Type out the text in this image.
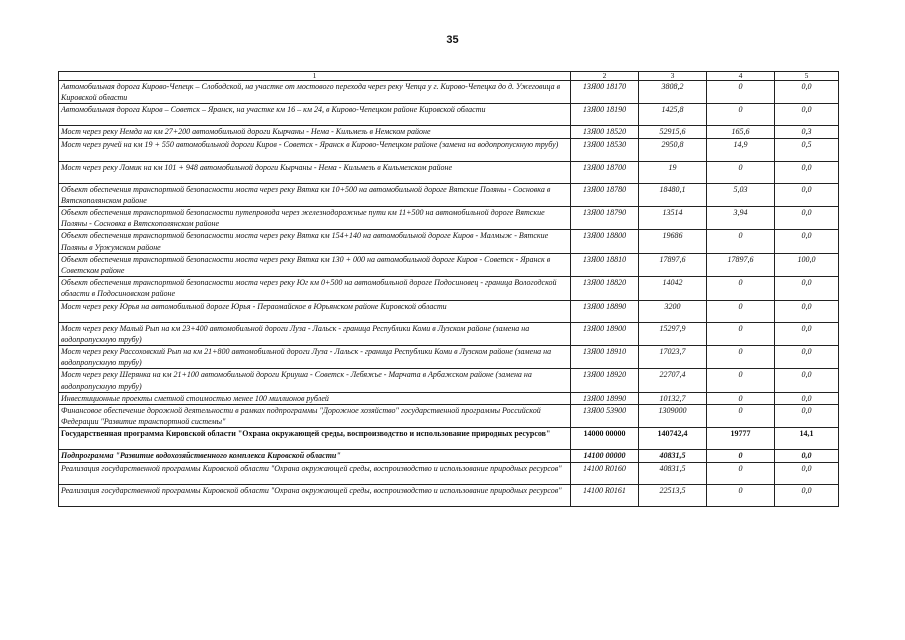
35
1	2	3	4	5
Автомобильная дорога Кирово-Чепецк – Слободской, на участке от мостового перехода через реку Чепца у г. Кирово-Чепецка до д. Ужеговица в Кировской области	13Я00 18170	3808,2	0	0,0
Автомобильная дорога Киров – Советск – Яранск, на участке км 16 – км 24, в Кирово-Чепецком районе Кировской области	13Я00 18190	1425,8	0	0,0
Мост через реку Немда на км 27+200 автомобильной дороги Кырчаны - Нема - Кильмезь в Немском районе	13Я00 18520	52915,6	165,6	0,3
Мост через ручей на км 19 + 550 автомобильной дороги Киров - Советск - Яранск в Кирово-Чепецком районе (замена на водопропускную трубу)	13Я00 18530	2950,8	14,9	0,5
Мост через реку Ломик на км 101 + 948 автомобильной дороги Кырчаны - Нема - Кильмезь в Кильмезском районе	13Я00 18700	19	0	0,0
Объект обеспечения транспортной безопасности моста через реку Вятка км 10+500 на автомобильной дороге Вятские Поляны - Сосновка в Вятскополянском районе	13Я00 18780	18480,1	5,03	0,0
Объект обеспечения транспортной безопасности путепровода через железнодорожные пути км 11+500 на автомобильной дороге Вятские Поляны - Сосновка в Вятскополянском районе	13Я00 18790	13514	3,94	0,0
Объект обеспечения транспортной безопасности моста через реку Вятка км 154+140 на автомобильной дороге Киров - Малмыж - Вятские Поляны в Уржумском районе	13Я00 18800	19686	0	0,0
Объект обеспечения транспортной безопасности моста через реку Вятка км 130 + 000 на автомобильной дороге Киров - Советск - Яранск в Советском районе	13Я00 18810	17897,6	17897,6	100,0
Объект обеспечения транспортной безопасности моста через реку Юг км 0+500 на автомобильной дороге Подосиновец - граница Вологодской области в Подосиновском районе	13Я00 18820	14042	0	0,0
Мост через реку Юрья на автомобильной дороге Юрья - Пераомайское в Юрьянском районе Кировской области	13Я00 18890	3200	0	0,0
Мост через реку Малый Рып на км 23+400 автомобильной дороги Луза - Лальск - граница Республики Коми в Лузском районе (замена на водопропускную трубу)	13Я00 18900	15297,9	0	0,0
Мост через реку Рассоховский Рып на км 21+800 автомобильной дороги Луза - Лальск - граница Республики Коми в Лузском районе (замена на водопропускную трубу)	13Я00 18910	17023,7	0	0,0
Мост через реку Шерянка на км 21+100 автомобильной дороги Криуша - Советск - Лебяжье - Марчата в Арбажском районе (замена на водопропускную трубу)	13Я00 18920	22707,4	0	0,0
Инвестиционные проекты сметной стоимостью менее 100 миллионов рублей	13Я00 18990	10132,7	0	0,0
Финансовое обеспечение дорожной деятельности в рамках подпрограммы "Дорожное хозяйство" государственной программы Российской Федерации "Развитие транспортной системы"	13Я00 53900	1309000	0	0,0
Государственная программа Кировской области "Охрана окружающей среды, воспроизводство и использование природных ресурсов"	14000 00000	140742,4	19777	14,1
Подпрограмма "Развитие водохозяйственного комплекса Кировской области"	14100 00000	40831,5	0	0,0
Реализация государственной программы Кировской области "Охрана окружающей среды, воспроизводство и использование природных ресурсов"	14100 R0160	40831,5	0	0,0
Реализация государственной программы Кировской области "Охрана окружающей среды, воспроизводство и использование природных ресурсов"	14100 R0161	22513,5	0	0,0
